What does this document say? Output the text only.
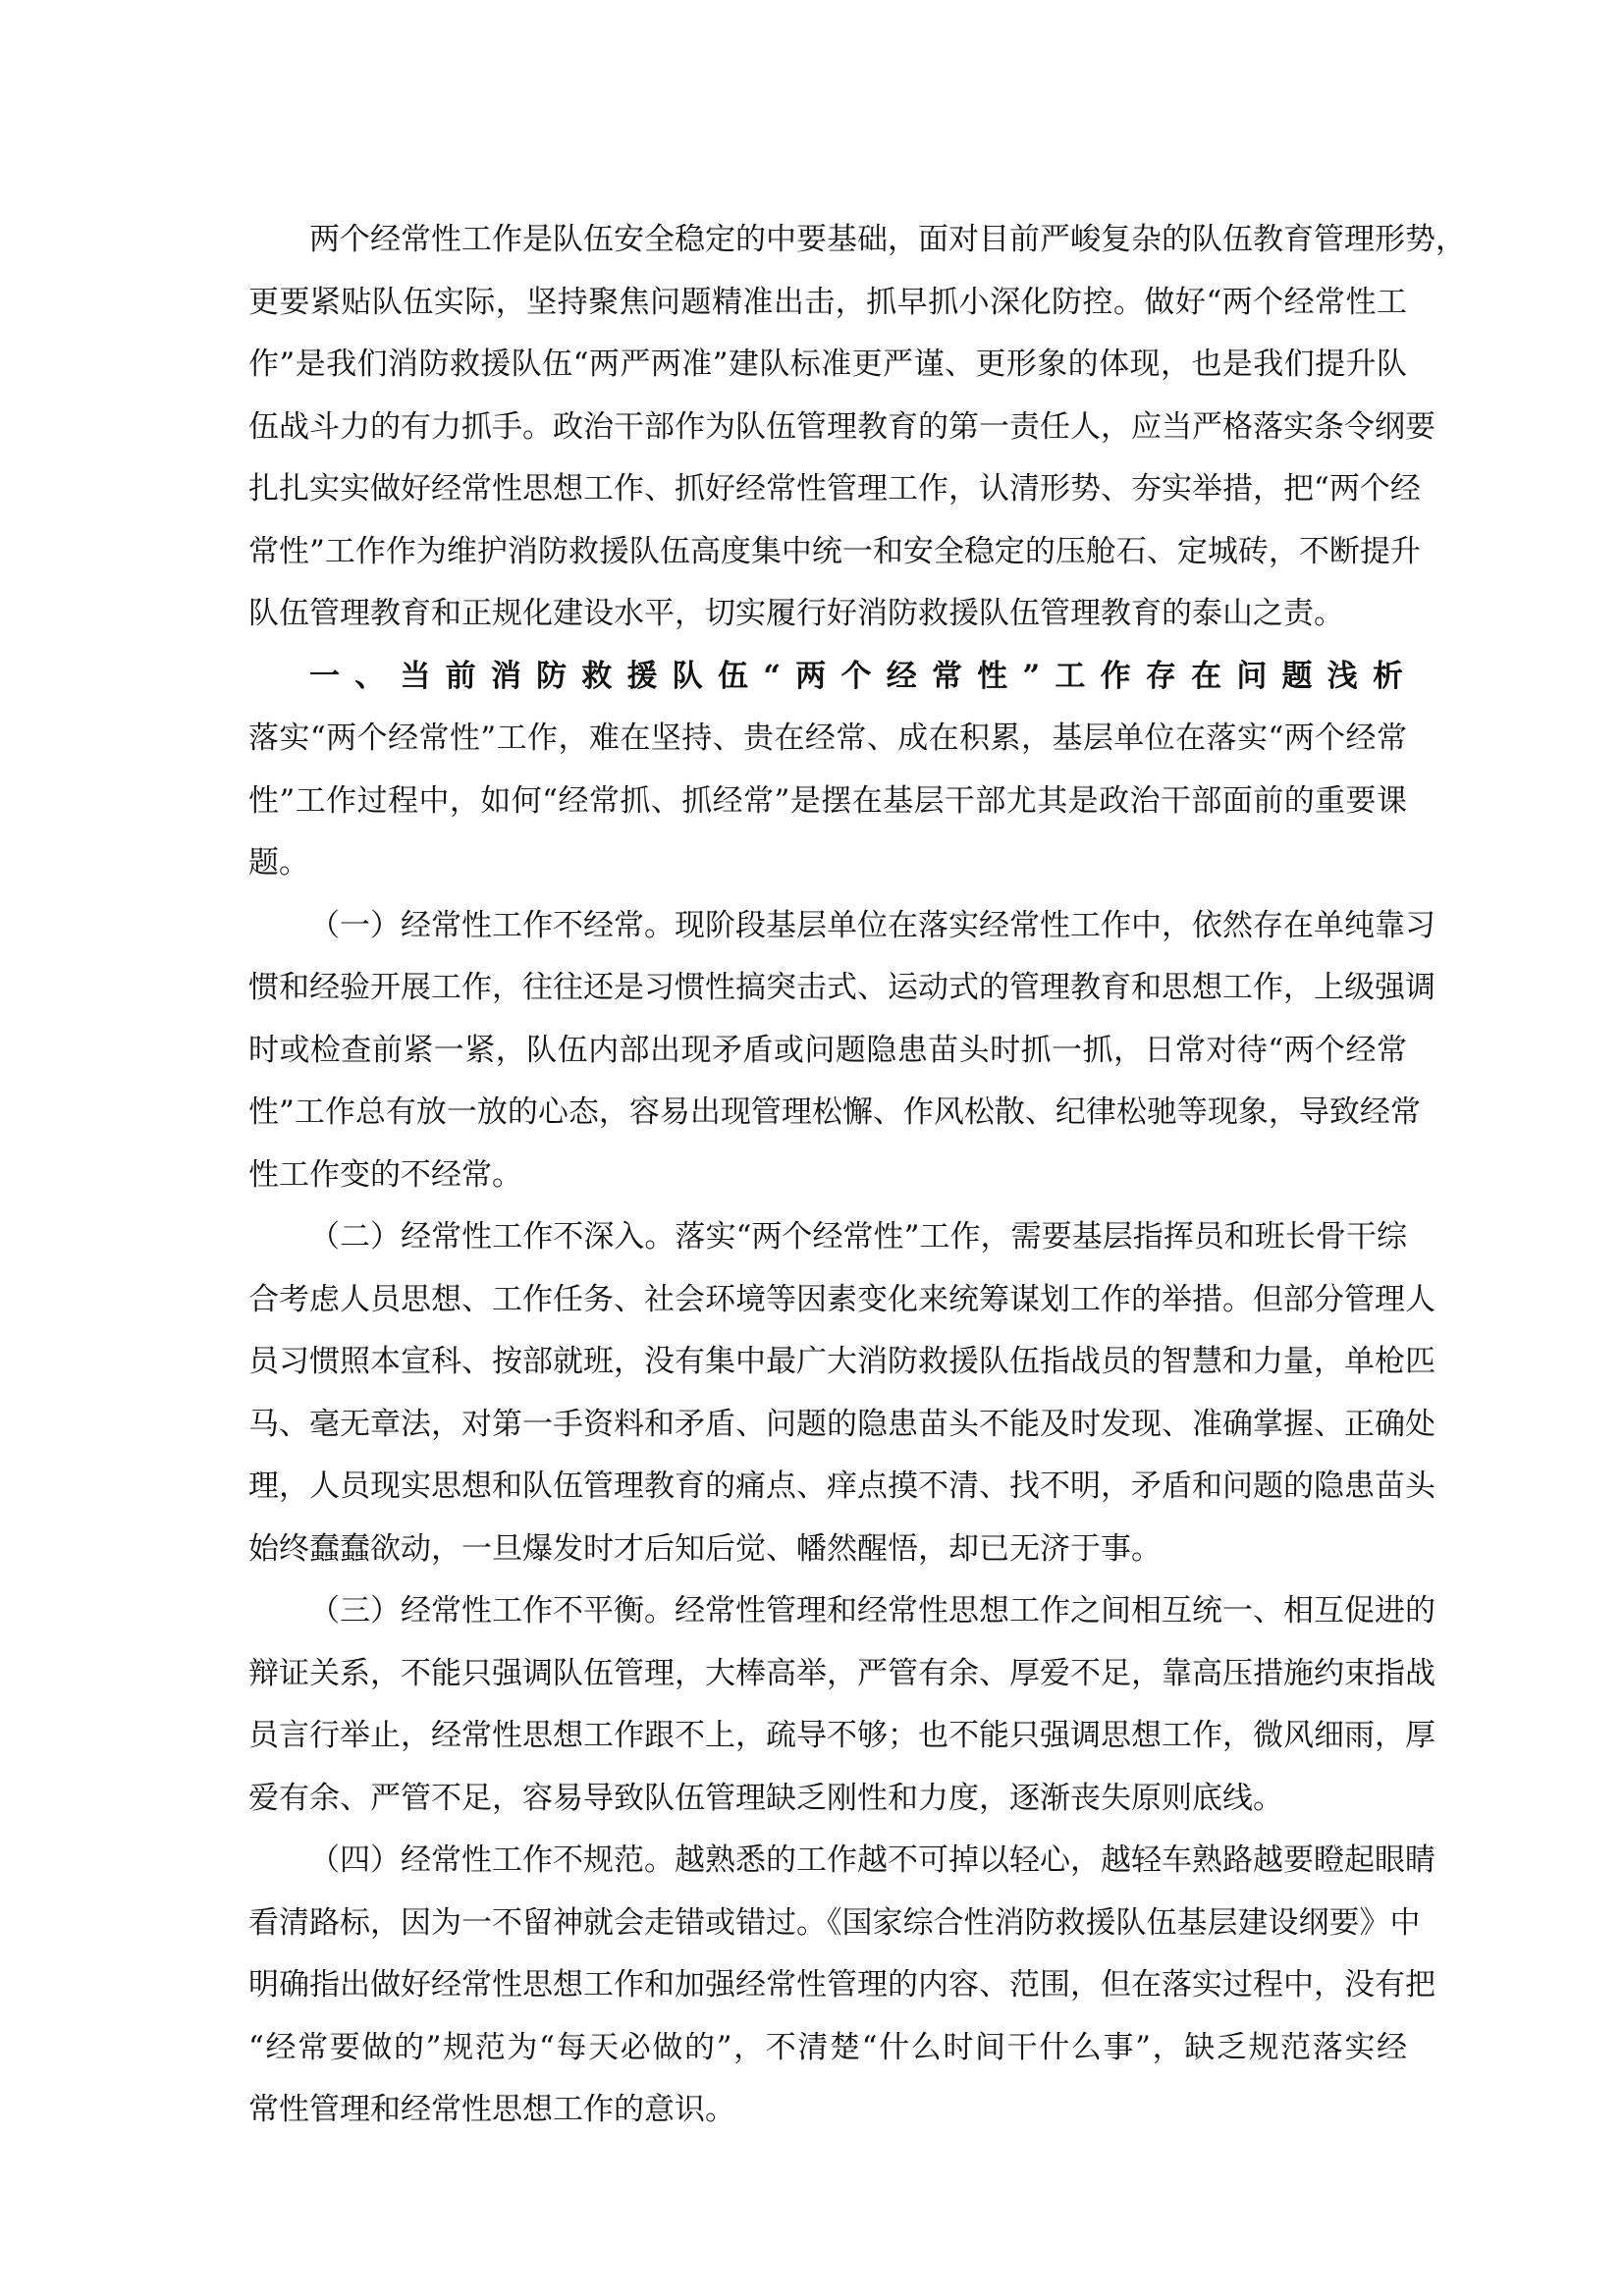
两个经常性工作是队伍安全稳定的中要基础，面对目前严峻复杂的队伍教育管理形势，
更要紧贴队伍实际，坚持聚焦问题精准出击，抓早抓小深化防控。做好“两个经常性工
作”是我们消防救援队伍“两严两准”建队标准更严谨、更形象的体现，也是我们提升队
伍战斗力的有力抓手。政治干部作为队伍管理教育的第一责任人，应当严格落实条令纲要
扎扎实实做好经常性思想工作、抓好经常性管理工作，认清形势、夯实举措，把“两个经
常性”工作作为维护消防救援队伍高度集中统一和安全稳定的压舱石、定城砖，不断提升
队伍管理教育和正规化建设水平，切实履行好消防救援队伍管理教育的泰山之责。
一、当前消防救援队伍“两个经常性”工作存在问题浅析
落实“两个经常性”工作，难在坚持、贵在经常、成在积累，基层单位在落实“两个经常
性”工作过程中，如何“经常抓、抓经常”是摆在基层干部尤其是政治干部面前的重要课
题。
（一）经常性工作不经常。现阶段基层单位在落实经常性工作中，依然存在单纯靠习
惯和经验开展工作，往往还是习惯性搞突击式、运动式的管理教育和思想工作，上级强调
时或检查前紧一紧，队伍内部出现矛盾或问题隐患苗头时抓一抓，日常对待“两个经常
性”工作总有放一放的心态，容易出现管理松懈、作风松散、纪律松驰等现象，导致经常
性工作变的不经常。
（二）经常性工作不深入。落实“两个经常性”工作，需要基层指挥员和班长骨干综
合考虑人员思想、工作任务、社会环境等因素变化来统筹谋划工作的举措。但部分管理人
员习惯照本宣科、按部就班，没有集中最广大消防救援队伍指战员的智慧和力量，单枪匹
马、毫无章法，对第一手资料和矛盾、问题的隐患苗头不能及时发现、准确掌握、正确处
理，人员现实思想和队伍管理教育的痛点、痒点摸不清、找不明，矛盾和问题的隐患苗头
始终蠢蠢欲动，一旦爆发时才后知后觉、幡然醒悟，却已无济于事。
（三）经常性工作不平衡。经常性管理和经常性思想工作之间相互统一、相互促进的
辩证关系，不能只强调队伍管理，大棒高举，严管有余、厚爱不足，靠高压措施约束指战
员言行举止，经常性思想工作跟不上，疏导不够；也不能只强调思想工作，微风细雨，厚
爱有余、严管不足，容易导致队伍管理缺乏刚性和力度，逐渐丧失原则底线。
（四）经常性工作不规范。越熟悉的工作越不可掉以轻心，越轻车熟路越要瞪起眼睛
看清路标，因为一不留神就会走错或错过。《国家综合性消防救援队伍基层建设纲要》中
明确指出做好经常性思想工作和加强经常性管理的内容、范围，但在落实过程中，没有把
“经常要做的”规范为“每天必做的”，不清楚“什么时间干什么事”，缺乏规范落实经
常性管理和经常性思想工作的意识。
